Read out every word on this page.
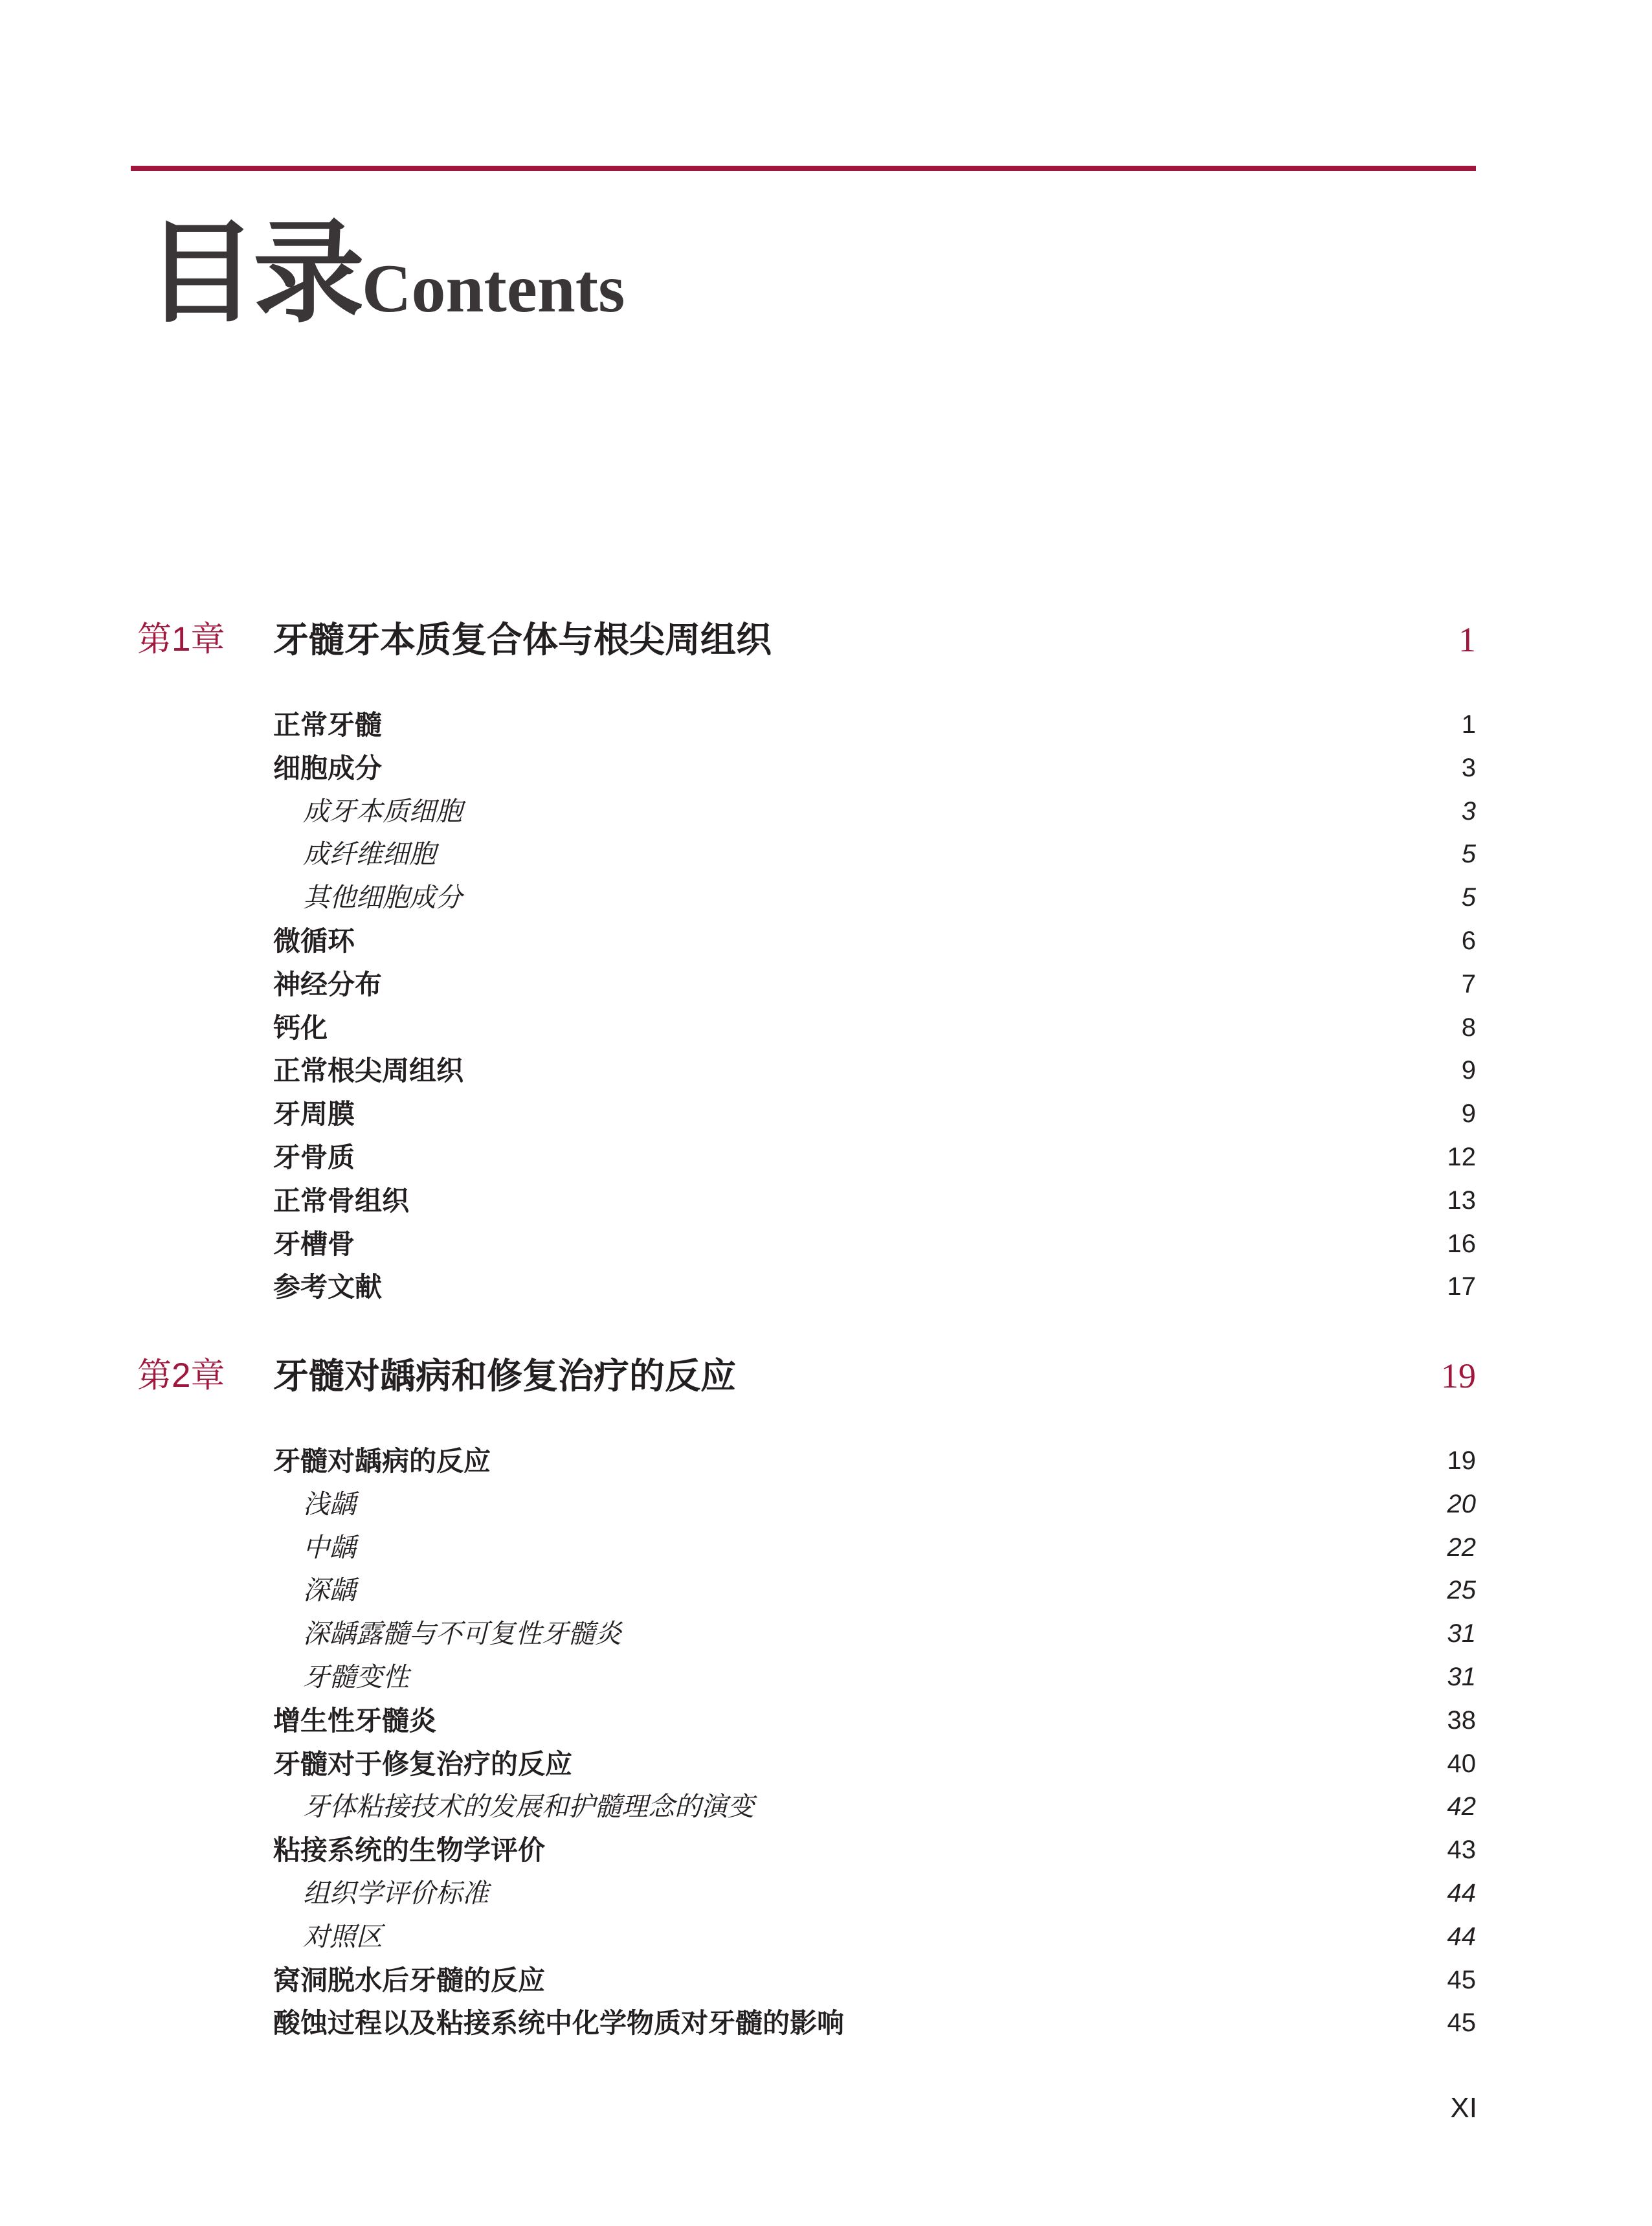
目录Contents
第1章 牙髓牙本质复合体与根尖周组织	1
正常牙髓	1
细胞成分	3
成牙本质细胞	3
成纤维细胞	5
其他细胞成分	5
微循环	6
神经分布	7
钙化	8
正常根尖周组织	9
牙周膜	9
牙骨质	12
正常骨组织	13
牙槽骨	16
参考文献	17
第2章 牙髓对龋病和修复治疗的反应	19
牙髓对龋病的反应	19
浅龋	20
中龋	22
深龋	25
深龋露髓与不可复性牙髓炎	31
牙髓变性	31
增生性牙髓炎	38
牙髓对于修复治疗的反应	40
牙体粘接技术的发展和护髓理念的演变	42
粘接系统的生物学评价	43
组织学评价标准	44
对照区	44
窝洞脱水后牙髓的反应	45
酸蚀过程以及粘接系统中化学物质对牙髓的影响	45
XI
